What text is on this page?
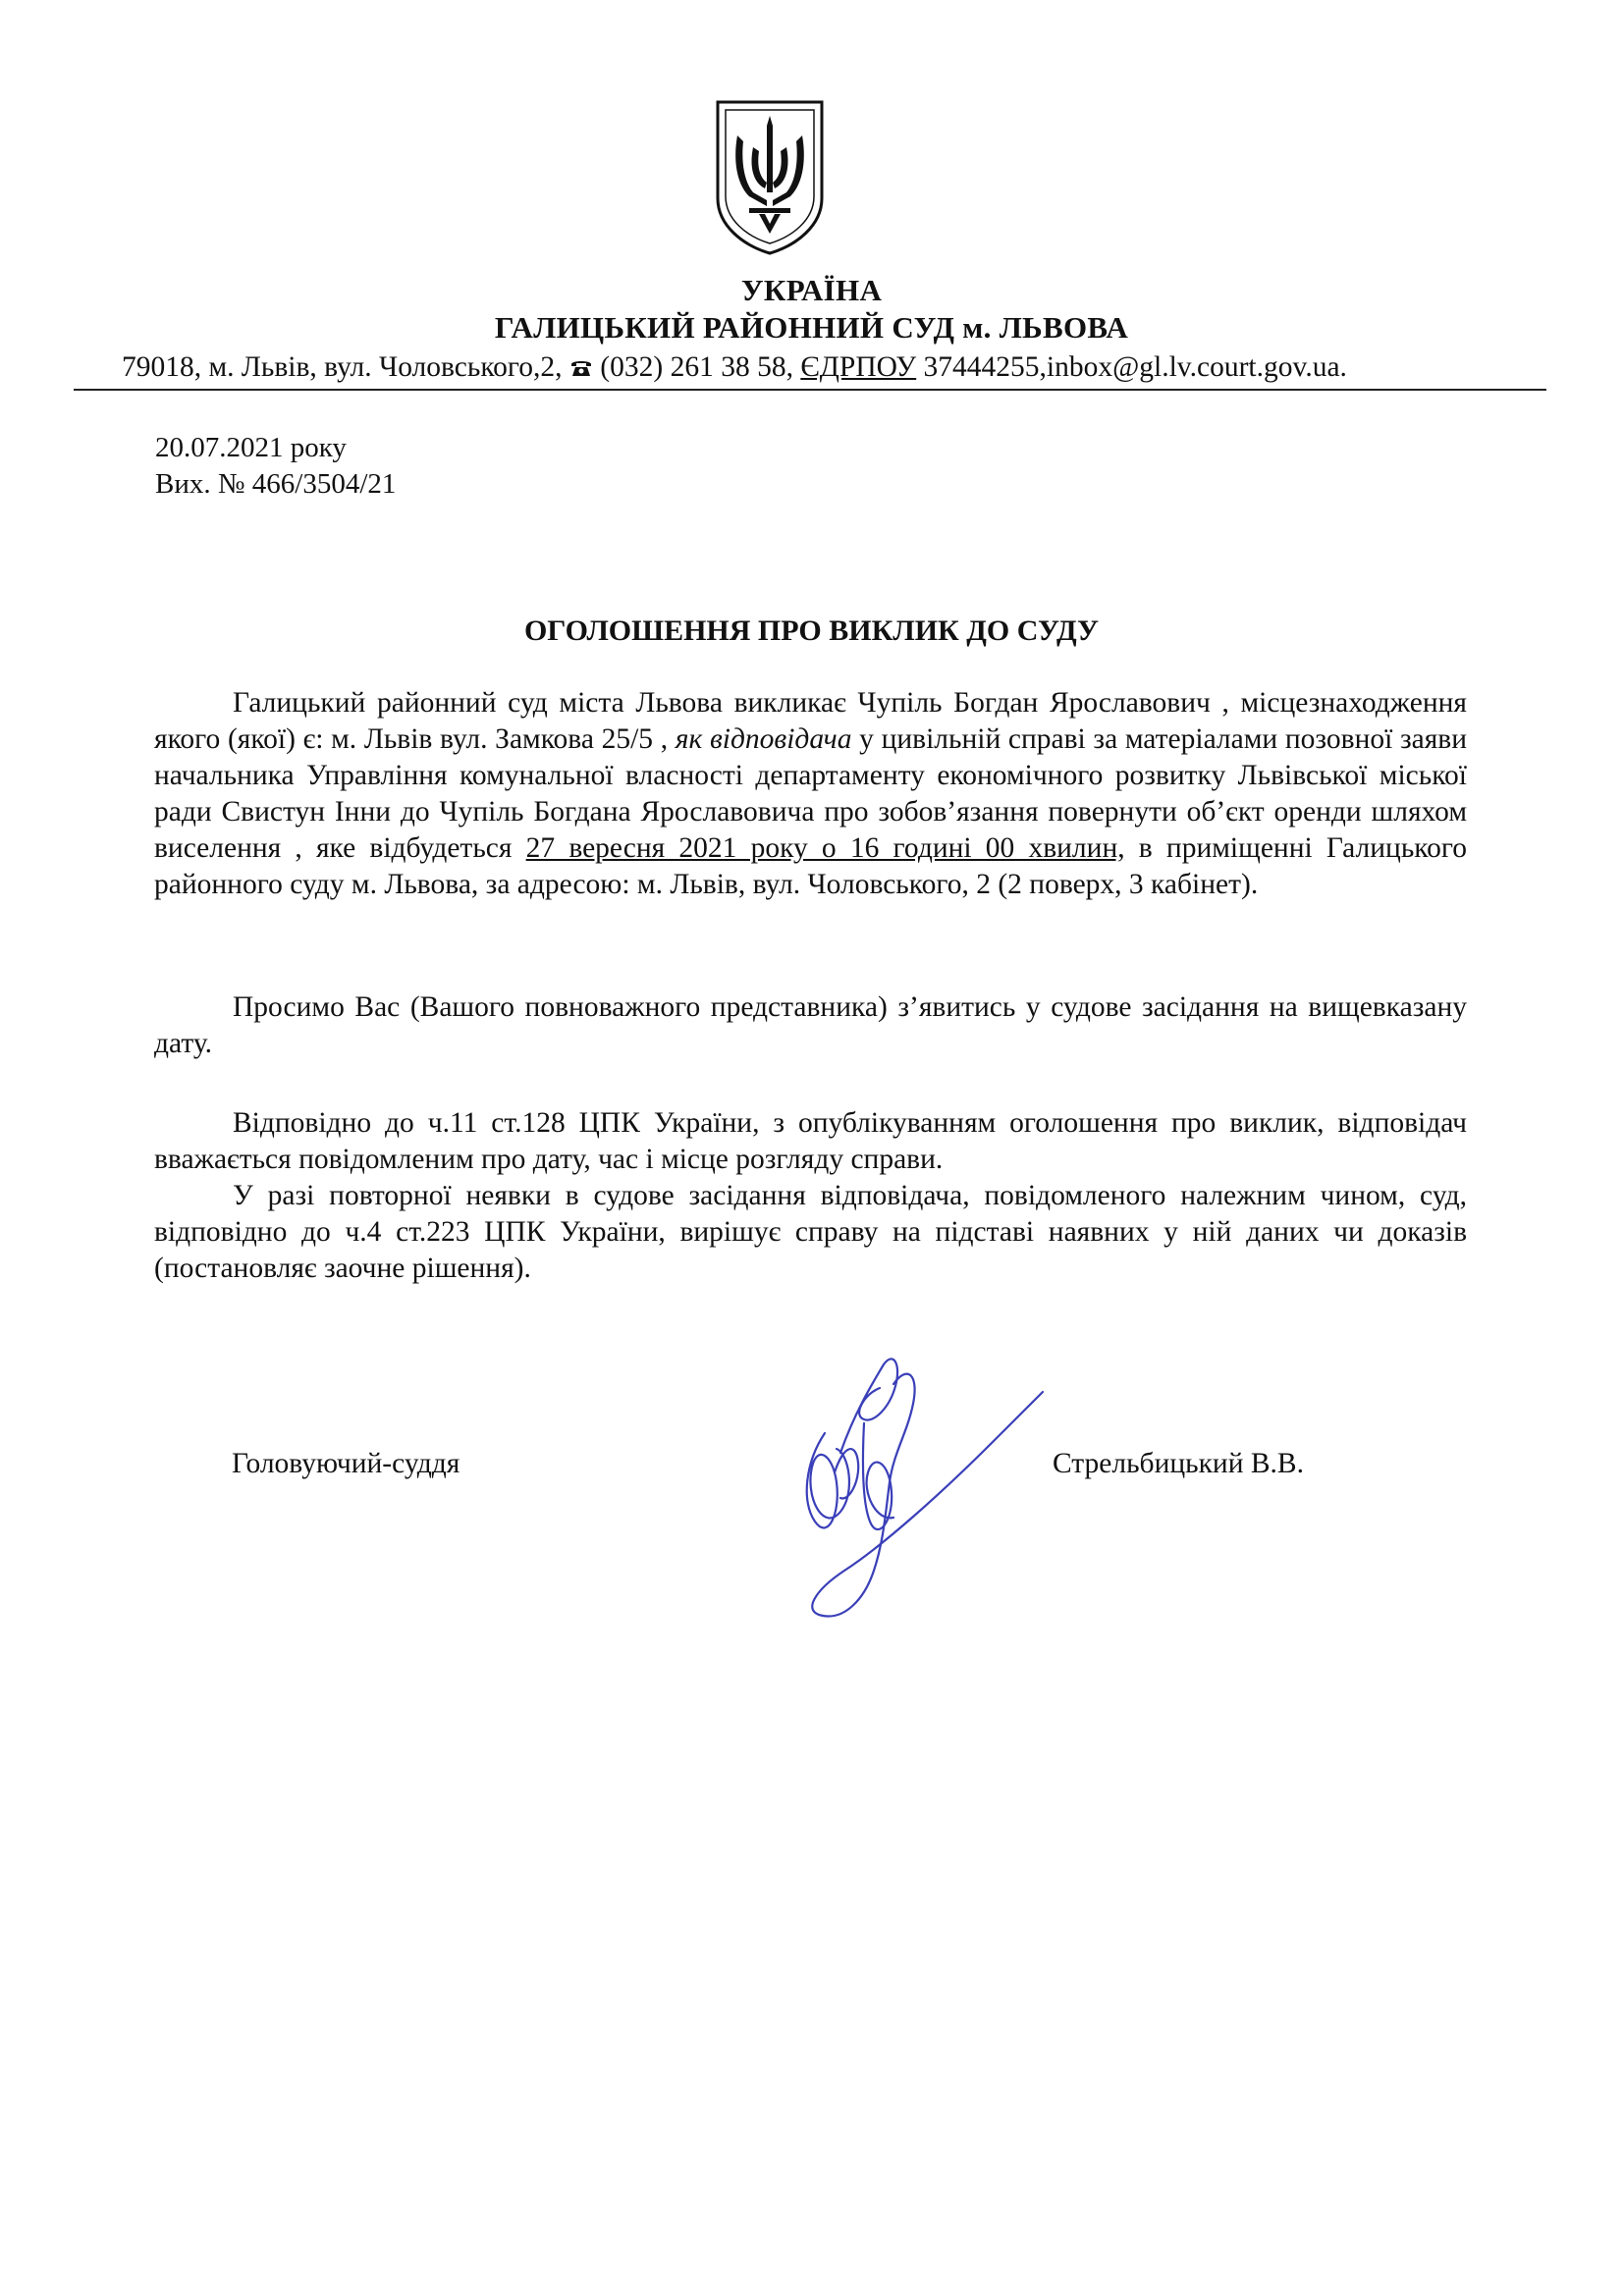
УКРАЇНА
ГАЛИЦЬКИЙ РАЙОННИЙ СУД м. ЛЬВОВА
79018, м. Львів, вул. Чоловського,2, (032) 261 38 58, ЄДРПОУ 37444255,inbox@gl.lv.court.gov.ua.
20.07.2021 року
Вих. № 466/3504/21
ОГОЛОШЕННЯ ПРО ВИКЛИК ДО СУДУ
Галицький районний суд міста Львова викликає Чупіль Богдан Ярославович , місцезнаходження якого (якої) є: м. Львів вул. Замкова 25/5 , як відповідача у цивільній справі за матеріалами позовної заяви начальника Управління комунальної власності департаменту економічного розвитку Львівської міської ради Свистун Інни до Чупіль Богдана Ярославовича про зобов’язання повернути об’єкт оренди шляхом виселення , яке відбудеться 27 вересня 2021 року о 16 годині 00 хвилин, в приміщенні Галицького районного суду м. Львова, за адресою: м. Львів, вул. Чоловського, 2 (2 поверх, 3 кабінет).
Просимо Вас (Вашого повноважного представника) з’явитись у судове засідання на вищевказану дату.
Відповідно до ч.11 ст.128 ЦПК України, з опублікуванням оголошення про виклик, відповідач вважається повідомленим про дату, час і місце розгляду справи.
У разі повторної неявки в судове засідання відповідача, повідомленого належним чином, суд, відповідно до ч.4 ст.223 ЦПК України, вирішує справу на підставі наявних у ній даних чи доказів (постановляє заочне рішення).
Головуючий-суддя	Стрельбицький В.В.
